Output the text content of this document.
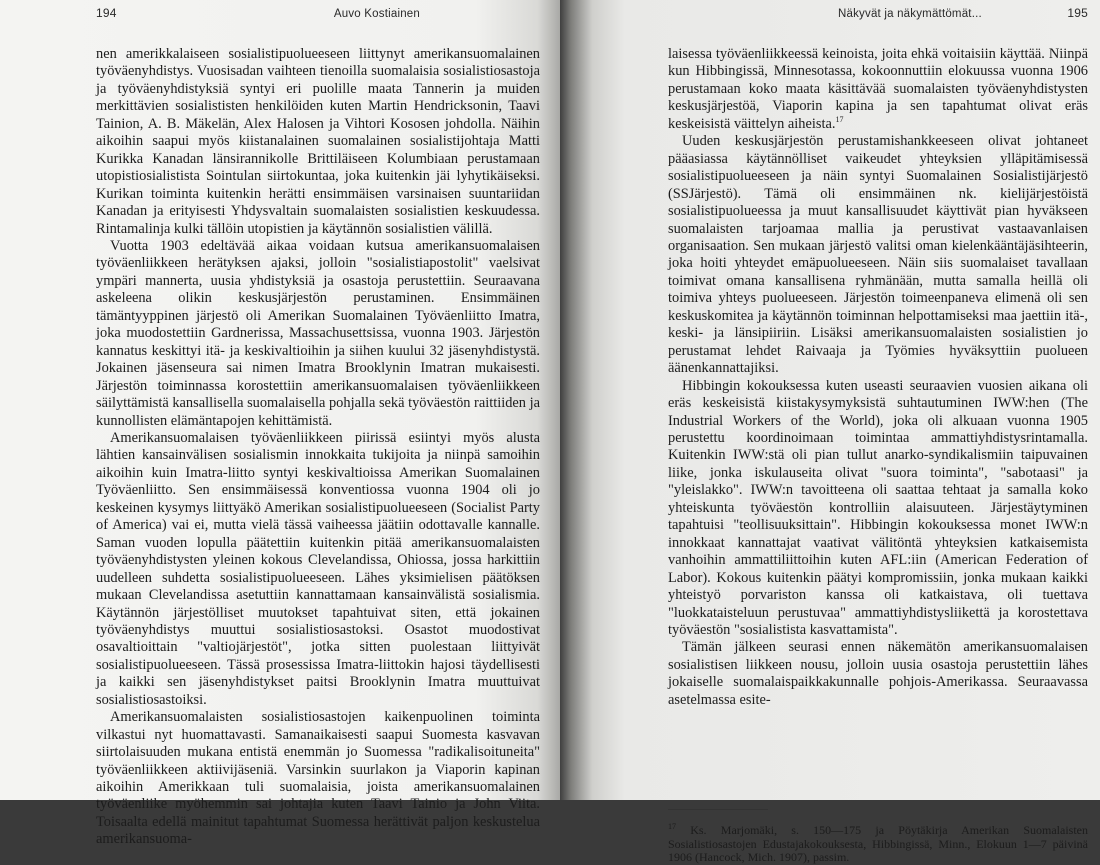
194	Auvo Kostiainen

nen amerikkalaiseen sosialistipuolueeseen liittynyt amerikansuomalainen työväenyhdistys. Vuosisadan vaihteen tienoilla suomalaisia sosialistiosastoja ja työväenyhdistyksiä syntyi eri puolille maata Tannerin ja muiden merkittävien sosialististen henkilöiden kuten Martin Hendricksonin, Taavi Tainion, A. B. Mäkelän, Alex Halosen ja Vihtori Kososen johdolla. Näihin aikoihin saapui myös kiistanalainen suomalainen sosialistijohtaja Matti Kurikka Kanadan länsirannikolle Brittiläiseen Kolumbiaan perustamaan utopistiosialistista Sointulan siirtokuntaa, joka kuitenkin jäi lyhytikäiseksi. Kurikan toiminta kuitenkin herätti ensimmäisen varsinaisen suuntariidan Kanadan ja erityisesti Yhdysvaltain suomalaisten sosialistien keskuudessa. Rintamalinja kulki tällöin utopistien ja käytännön sosialistien välillä.

Vuotta 1903 edeltävää aikaa voidaan kutsua amerikansuomalaisen työväenliikkeen herätyksen ajaksi, jolloin "sosialistiapostolit" vaelsivat ympäri mannerta, uusia yhdistyksiä ja osastoja perustettiin. Seuraavana askeleena olikin keskusjärjestön perustaminen. Ensimmäinen tämäntyyppinen järjestö oli Amerikan Suomalainen Työväenliitto Imatra, joka muodostettiin Gardnerissa, Massachusettsissa, vuonna 1903. Järjestön kannatus keskittyi itä- ja keskivaltioihin ja siihen kuului 32 jäsenyhdistystä. Jokainen jäsenseura sai nimen Imatra Brooklynin Imatran mukaisesti. Järjestön toiminnassa korostettiin amerikansuomalaisen työväenliikkeen säilyttämistä kansallisella suomalaisella pohjalla sekä työväestön raittiiden ja kunnollisten elämäntapojen kehittämistä.

Amerikansuomalaisen työväenliikkeen piirissä esiintyi myös alusta lähtien kansainvälisen sosialismin innokkaita tukijoita ja niinpä samoihin aikoihin kuin Imatra-liitto syntyi keskivaltioissa Amerikan Suomalainen Työväenliitto. Sen ensimmäisessä konventiossa vuonna 1904 oli jo keskeinen kysymys liittyäkö Amerikan sosialistipuolueeseen (Socialist Party of America) vai ei, mutta vielä tässä vaiheessa jäätiin odottavalle kannalle. Saman vuoden lopulla päätettiin kuitenkin pitää amerikansuomalaisten työväenyhdistysten yleinen kokous Clevelandissa, Ohiossa, jossa harkittiin uudelleen suhdetta sosialistipuolueeseen. Lähes yksimielisen päätöksen mukaan Clevelandissa asetuttiin kannattamaan kansainvälistä sosialismia. Käytännön järjestölliset muutokset tapahtuivat siten, että jokainen työväenyhdistys muuttui sosialistiosastoksi. Osastot muodostivat osavaltioittain "valtiojärjestöt", jotka sitten puolestaan liittyivät sosialistipuolueeseen. Tässä prosessissa Imatra-liittokin hajosi täydellisesti ja kaikki sen jäsenyhdistykset paitsi Brooklynin Imatra muuttuivat sosialistiosastoiksi.

Amerikansuomalaisten sosialistiosastojen kaikenpuolinen toiminta vilkastui nyt huomattavasti. Samanaikaisesti saapui Suomesta kasvavan siirtolaisuuden mukana entistä enemmän jo Suomessa "radikalisoituneita" työväenliikkeen aktiivijäseniä. Varsinkin suurlakon ja Viaporin kapinan aikoihin Amerikkaan tuli suomalaisia, joista amerikansuomalainen työväenliike myöhemmin sai johtajia kuten Taavi Tainio ja John Viita. Toisaalta edellä mainitut tapahtumat Suomessa herättivät paljon keskustelua amerikansuoma-

Näkyvät ja näkymättömät...	195

laisessa työväenliikkeessä keinoista, joita ehkä voitaisiin käyttää. Niinpä kun Hibbingissä, Minnesotassa, kokoonnuttiin elokuussa vuonna 1906 perustamaan koko maata käsittävää suomalaisten työväenyhdistysten keskusjärjestöä, Viaporin kapina ja sen tapahtumat olivat eräs keskeisistä väittelyn aiheista.$^{17}$

Uuden keskusjärjestön perustamishankkeeseen olivat johtaneet pääasiassa käytännölliset vaikeudet yhteyksien ylläpitämisessä sosialistipuolueeseen ja näin syntyi Suomalainen Sosialistijärjestö (SSJärjestö). Tämä oli ensimmäinen nk. kielijärjestöistä sosialistipuolueessa ja muut kansallisuudet käyttivät pian hyväkseen suomalaisten tarjoamaa mallia ja perustivat vastaavanlaisen organisaation. Sen mukaan järjestö valitsi oman kielenkääntäjäsihteerin, joka hoiti yhteydet emäpuolueeseen. Näin siis suomalaiset tavallaan toimivat omana kansallisena ryhmänään, mutta samalla heillä oli toimiva yhteys puolueeseen. Järjestön toimeenpaneva elimenä oli sen keskuskomitea ja käytännön toiminnan helpottamiseksi maa jaettiin itä-, keski- ja länsipiiriin. Lisäksi amerikansuomalaisten sosialistien jo perustamat lehdet Raivaaja ja Työmies hyväksyttiin puolueen äänenkannattajiksi.

Hibbingin kokouksessa kuten useasti seuraavien vuosien aikana oli eräs keskeisistä kiistakysymyksistä suhtautuminen IWW:hen (The Industrial Workers of the World), joka oli alkuaan vuonna 1905 perustettu koordinoimaan toimintaa ammattiyhdistysrintamalla. Kuitenkin IWW:stä oli pian tullut anarko-syndikalismiin taipuvainen liike, jonka iskulauseita olivat "suora toiminta", "sabotaasi" ja "yleislakko". IWW:n tavoitteena oli saattaa tehtaat ja samalla koko yhteiskunta työväestön kontrolliin alaisuuteen. Järjestäytyminen tapahtuisi "teollisuuksittain". Hibbingin kokouksessa monet IWW:n innokkaat kannattajat vaativat välitöntä yhteyksien katkaisemista vanhoihin ammattiliittoihin kuten AFL:iin (American Federation of Labor). Kokous kuitenkin päätyi kompromissiin, jonka mukaan kaikki yhteistyö porvariston kanssa oli katkaistava, oli tuettava "luokkataisteluun perustuvaa" ammattiyhdistysliikettä ja korostettava työväestön "sosialistista kasvattamista".

Tämän jälkeen seurasi ennen näkemätön amerikansuomalaisen sosialistisen liikkeen nousu, jolloin uusia osastoja perustettiin lähes jokaiselle suomalaispaikkakunnalle pohjois-Amerikassa. Seuraavassa asetelmassa esite-

$^{17}$ Ks. Marjomäki, s. 150—175 ja Pöytäkirja Amerikan Suomalaisten Sosialistiosastojen Edustajakokouksesta, Hibbingissä, Minn., Elokuun 1—7 päivinä 1906 (Hancock, Mich. 1907), passim.
